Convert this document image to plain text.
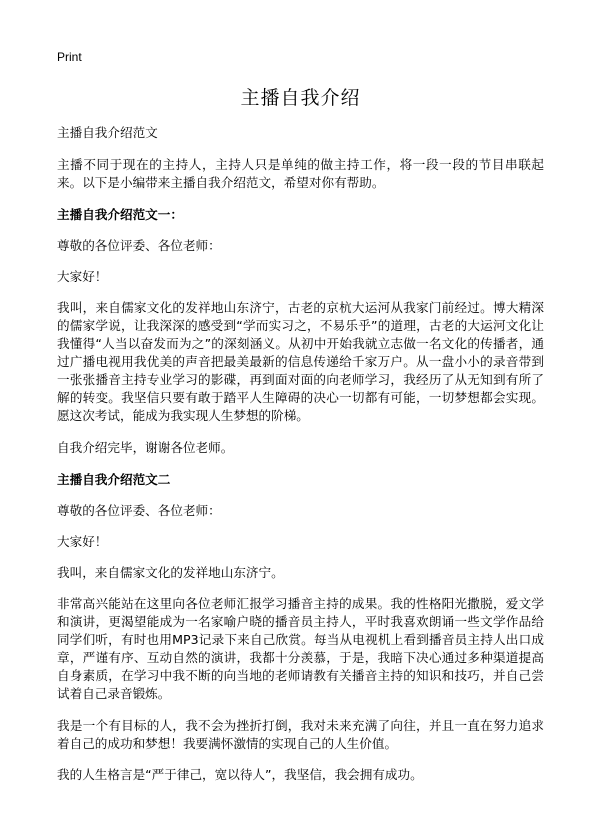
Print
主播自我介绍

主播自我介绍范文

主播不同于现在的主持人，主持人只是单纯的做主持工作，将一段一段的节目串联起来。以下是小编带来主播自我介绍范文，希望对你有帮助。

主播自我介绍范文一：

尊敬的各位评委、各位老师：

大家好！

我叫，来自儒家文化的发祥地山东济宁，古老的京杭大运河从我家门前经过。博大精深的儒家学说，让我深深的感受到“学而实习之，不易乐乎”的道理，古老的大运河文化让我懂得“人当以奋发而为之”的深刻涵义。从初中开始我就立志做一名文化的传播者，通过广播电视用我优美的声音把最美最新的信息传递给千家万户。从一盘小小的录音带到一张张播音主持专业学习的影碟，再到面对面的向老师学习，我经历了从无知到有所了解的转变。我坚信只要有敢于踏平人生障碍的决心一切都有可能，一切梦想都会实现。愿这次考试，能成为我实现人生梦想的阶梯。

自我介绍完毕，谢谢各位老师。

主播自我介绍范文二

尊敬的各位评委、各位老师：

大家好！

我叫，来自儒家文化的发祥地山东济宁。

非常高兴能站在这里向各位老师汇报学习播音主持的成果。我的性格阳光撒脱，爱文学和演讲，更渴望能成为一名家喻户晓的播音员主持人，平时我喜欢朗诵一些文学作品给同学们听，有时也用MP3记录下来自己欣赏。每当从电视机上看到播音员主持人出口成章，严谨有序、互动自然的演讲，我都十分羡慕，于是，我暗下决心通过多种渠道提高自身素质，在学习中我不断的向当地的老师请教有关播音主持的知识和技巧，并自己尝试着自己录音锻炼。

我是一个有目标的人，我不会为挫折打倒，我对未来充满了向往，并且一直在努力追求着自己的成功和梦想！我要满怀激情的实现自己的人生价值。

我的人生格言是“严于律己，宽以待人”，我坚信，我会拥有成功。
